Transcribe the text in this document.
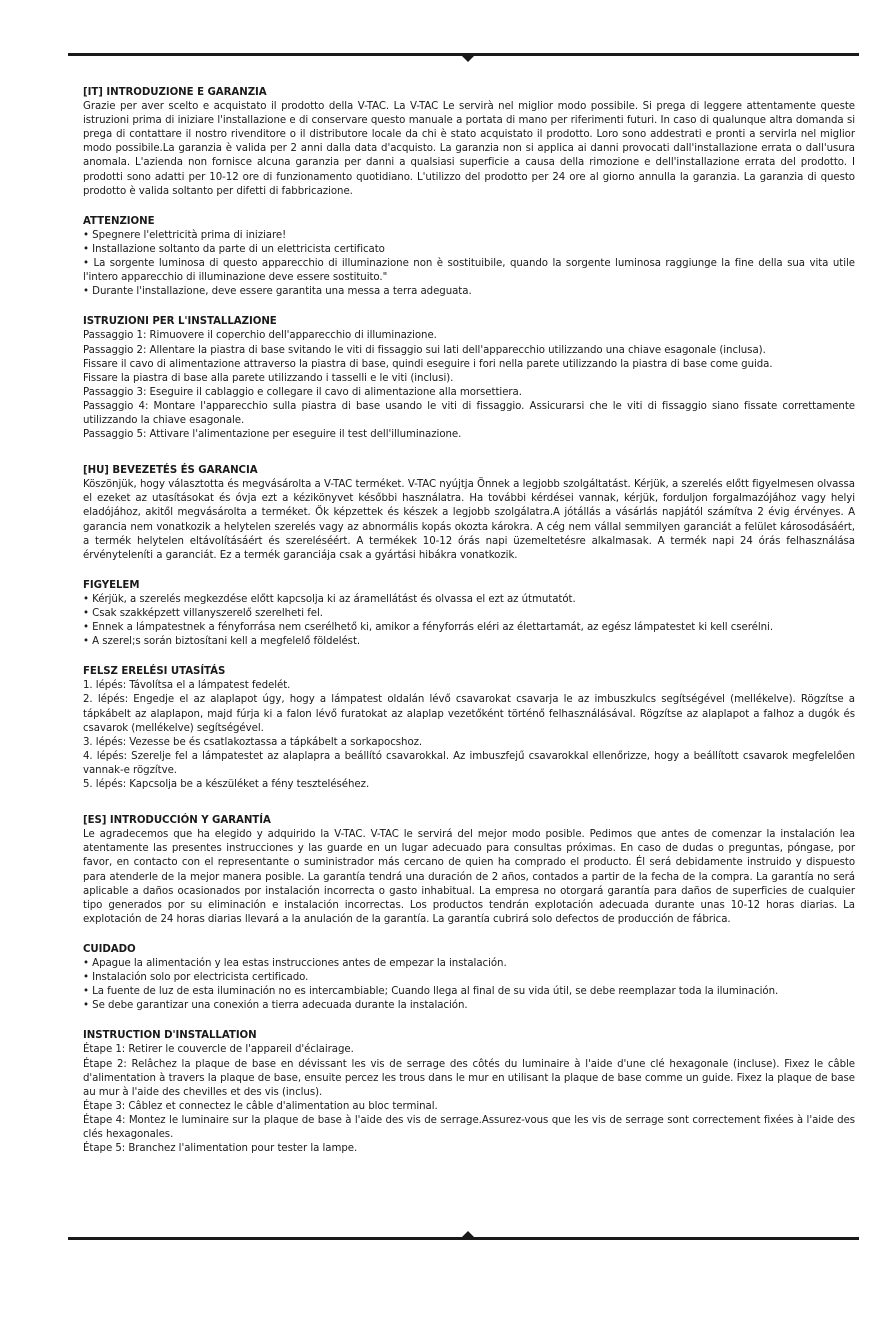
[IT] INTRODUZIONE E GARANZIA

Grazie per aver scelto e acquistato il prodotto della V-TAC. La V-TAC Le servirà nel miglior modo possibile. Si prega di leggere attentamente queste istruzioni prima di iniziare l'installazione e di conservare questo manuale a portata di mano per riferimenti futuri. In caso di qualunque altra domanda si prega di contattare il nostro rivenditore o il distributore locale da chi è stato acquistato il prodotto. Loro sono addestrati e pronti a servirla nel miglior modo possibile.La garanzia è valida per 2 anni dalla data d'acquisto. La garanzia non si applica ai danni provocati dall'installazione errata o dall'usura anomala. L'azienda non fornisce alcuna garanzia per danni a qualsiasi superficie a causa della rimozione e dell'installazione errata del prodotto. I prodotti sono adatti per 10-12 ore di funzionamento quotidiano. L'utilizzo del prodotto per 24 ore al giorno annulla la garanzia. La garanzia di questo prodotto è valida soltanto per difetti di fabbricazione.

ATTENZIONE

• Spegnere l'elettricità prima di iniziare!

• Installazione soltanto da parte di un elettricista certificato

• La sorgente luminosa di questo apparecchio di illuminazione non è sostituibile, quando la sorgente luminosa raggiunge la fine della sua vita utile l'intero apparecchio di illuminazione deve essere sostituito."

• Durante l'installazione, deve essere garantita una messa a terra adeguata.

ISTRUZIONI PER L'INSTALLAZIONE

Passaggio 1: Rimuovere il coperchio dell'apparecchio di illuminazione.

Passaggio 2: Allentare la piastra di base svitando le viti di fissaggio sui lati dell'apparecchio utilizzando una chiave esagonale (inclusa).

Fissare il cavo di alimentazione attraverso la piastra di base, quindi eseguire i fori nella parete utilizzando la piastra di base come guida.

Fissare la piastra di base alla parete utilizzando i tasselli e le viti (inclusi).

Passaggio 3: Eseguire il cablaggio e collegare il cavo di alimentazione alla morsettiera.

Passaggio 4: Montare l'apparecchio sulla piastra di base usando le viti di fissaggio. Assicurarsi che le viti di fissaggio siano fissate correttamente utilizzando la chiave esagonale.

Passaggio 5: Attivare l'alimentazione per eseguire il test dell'illuminazione.

[HU] BEVEZETÉS ÉS GARANCIA

Köszönjük, hogy választotta és megvásárolta a V-TAC terméket. V-TAC nyújtja Önnek a legjobb szolgáltatást. Kérjük, a szerelés előtt figyelmesen olvassa el ezeket az utasításokat és óvja ezt a kézikönyvet későbbi használatra. Ha további kérdései vannak, kérjük, forduljon forgalmazójához vagy helyi eladójához, akitől megvásárolta a terméket. Ők képzettek és készek a legjobb szolgálatra.A jótállás a vásárlás napjától számítva 2 évig érvényes. A garancia nem vonatkozik a helytelen szerelés vagy az abnormális kopás okozta károkra. A cég nem vállal semmilyen garanciát a felület károsodásáért, a termék helytelen eltávolításáért és szereléséért. A termékek 10-12 órás napi üzemeltetésre alkalmasak. A termék napi 24 órás felhasználása érvényteleníti a garanciát. Ez a termék garanciája csak a gyártási hibákra vonatkozik.

FIGYELEM

• Kérjük, a szerelés megkezdése előtt kapcsolja ki az áramellátást és olvassa el ezt az útmutatót.

• Csak szakképzett villanyszerelő szerelheti fel.

• Ennek a lámpatestnek a fényforrása nem cserélhető ki, amikor a fényforrás eléri az élettartamát, az egész lámpatestet ki kell cserélni.

• A szerel;s során biztosítani kell a megfelelő földelést.

FELSZ ERELÉSI UTASÍTÁS

1. lépés: Távolítsa el a lámpatest fedelét.

2. lépés: Engedje el az alaplapot úgy, hogy a lámpatest oldalán lévő csavarokat csavarja le az imbuszkulcs segítségével (mellékelve). Rögzítse a tápkábelt az alaplapon, majd fúrja ki a falon lévő furatokat az alaplap vezetőként történő felhasználásával. Rögzítse az alaplapot a falhoz a dugók és csavarok (mellékelve) segítségével.

3. lépés: Vezesse be és csatlakoztassa a tápkábelt a sorkapocshoz.

4. lépés: Szerelje fel a lámpatestet az alaplapra a beállító csavarokkal. Az imbuszfejű csavarokkal ellenőrizze, hogy a beállított csavarok megfelelően vannak-e rögzítve.

5. lépés: Kapcsolja be a készüléket a fény teszteléséhez.

[ES] INTRODUCCIÓN Y GARANTÍA

Le agradecemos que ha elegido y adquirido la V-TAC. V-TAC le servirá del mejor modo posible. Pedimos que antes de comenzar la instalación lea atentamente las presentes instrucciones y las guarde en un lugar adecuado para consultas próximas. En caso de dudas o preguntas, póngase, por favor, en contacto con el representante o suministrador más cercano de quien ha comprado el producto. Él será debidamente instruido y dispuesto para atenderle de la mejor manera posible. La garantía tendrá una duración de 2 años, contados a partir de la fecha de la compra. La garantía no será aplicable a daños ocasionados por instalación incorrecta o gasto inhabitual. La empresa no otorgará garantía para daños de superficies de cualquier tipo generados por su eliminación e instalación incorrectas. Los productos tendrán explotación adecuada durante unas 10-12 horas diarias. La explotación de 24 horas diarias llevará a la anulación de la garantía. La garantía cubrirá solo defectos de producción de fábrica.

CUIDADO

• Apague la alimentación y lea estas instrucciones antes de empezar la instalación.

• Instalación solo por electricista certificado.

• La fuente de luz de esta iluminación no es intercambiable; Cuando llega al final de su vida útil, se debe reemplazar toda la iluminación.

• Se debe garantizar una conexión a tierra adecuada durante la instalación.

INSTRUCTION D'INSTALLATION

Étape 1: Retirer le couvercle de l'appareil d'éclairage.

Étape 2: Relâchez la plaque de base en dévissant les vis de serrage des côtés du luminaire à l'aide d'une clé hexagonale (incluse). Fixez le câble d'alimentation à travers la plaque de base, ensuite percez les trous dans le mur en utilisant la plaque de base comme un guide. Fixez la plaque de base au mur à l'aide des chevilles et des vis (inclus).

Étape 3: Câblez et connectez le câble d'alimentation au bloc terminal.

Étape 4: Montez le luminaire sur la plaque de base à l'aide des vis de serrage.Assurez-vous que les vis de serrage sont correctement fixées à l'aide des clés hexagonales.

Étape 5: Branchez l'alimentation pour tester la lampe.
